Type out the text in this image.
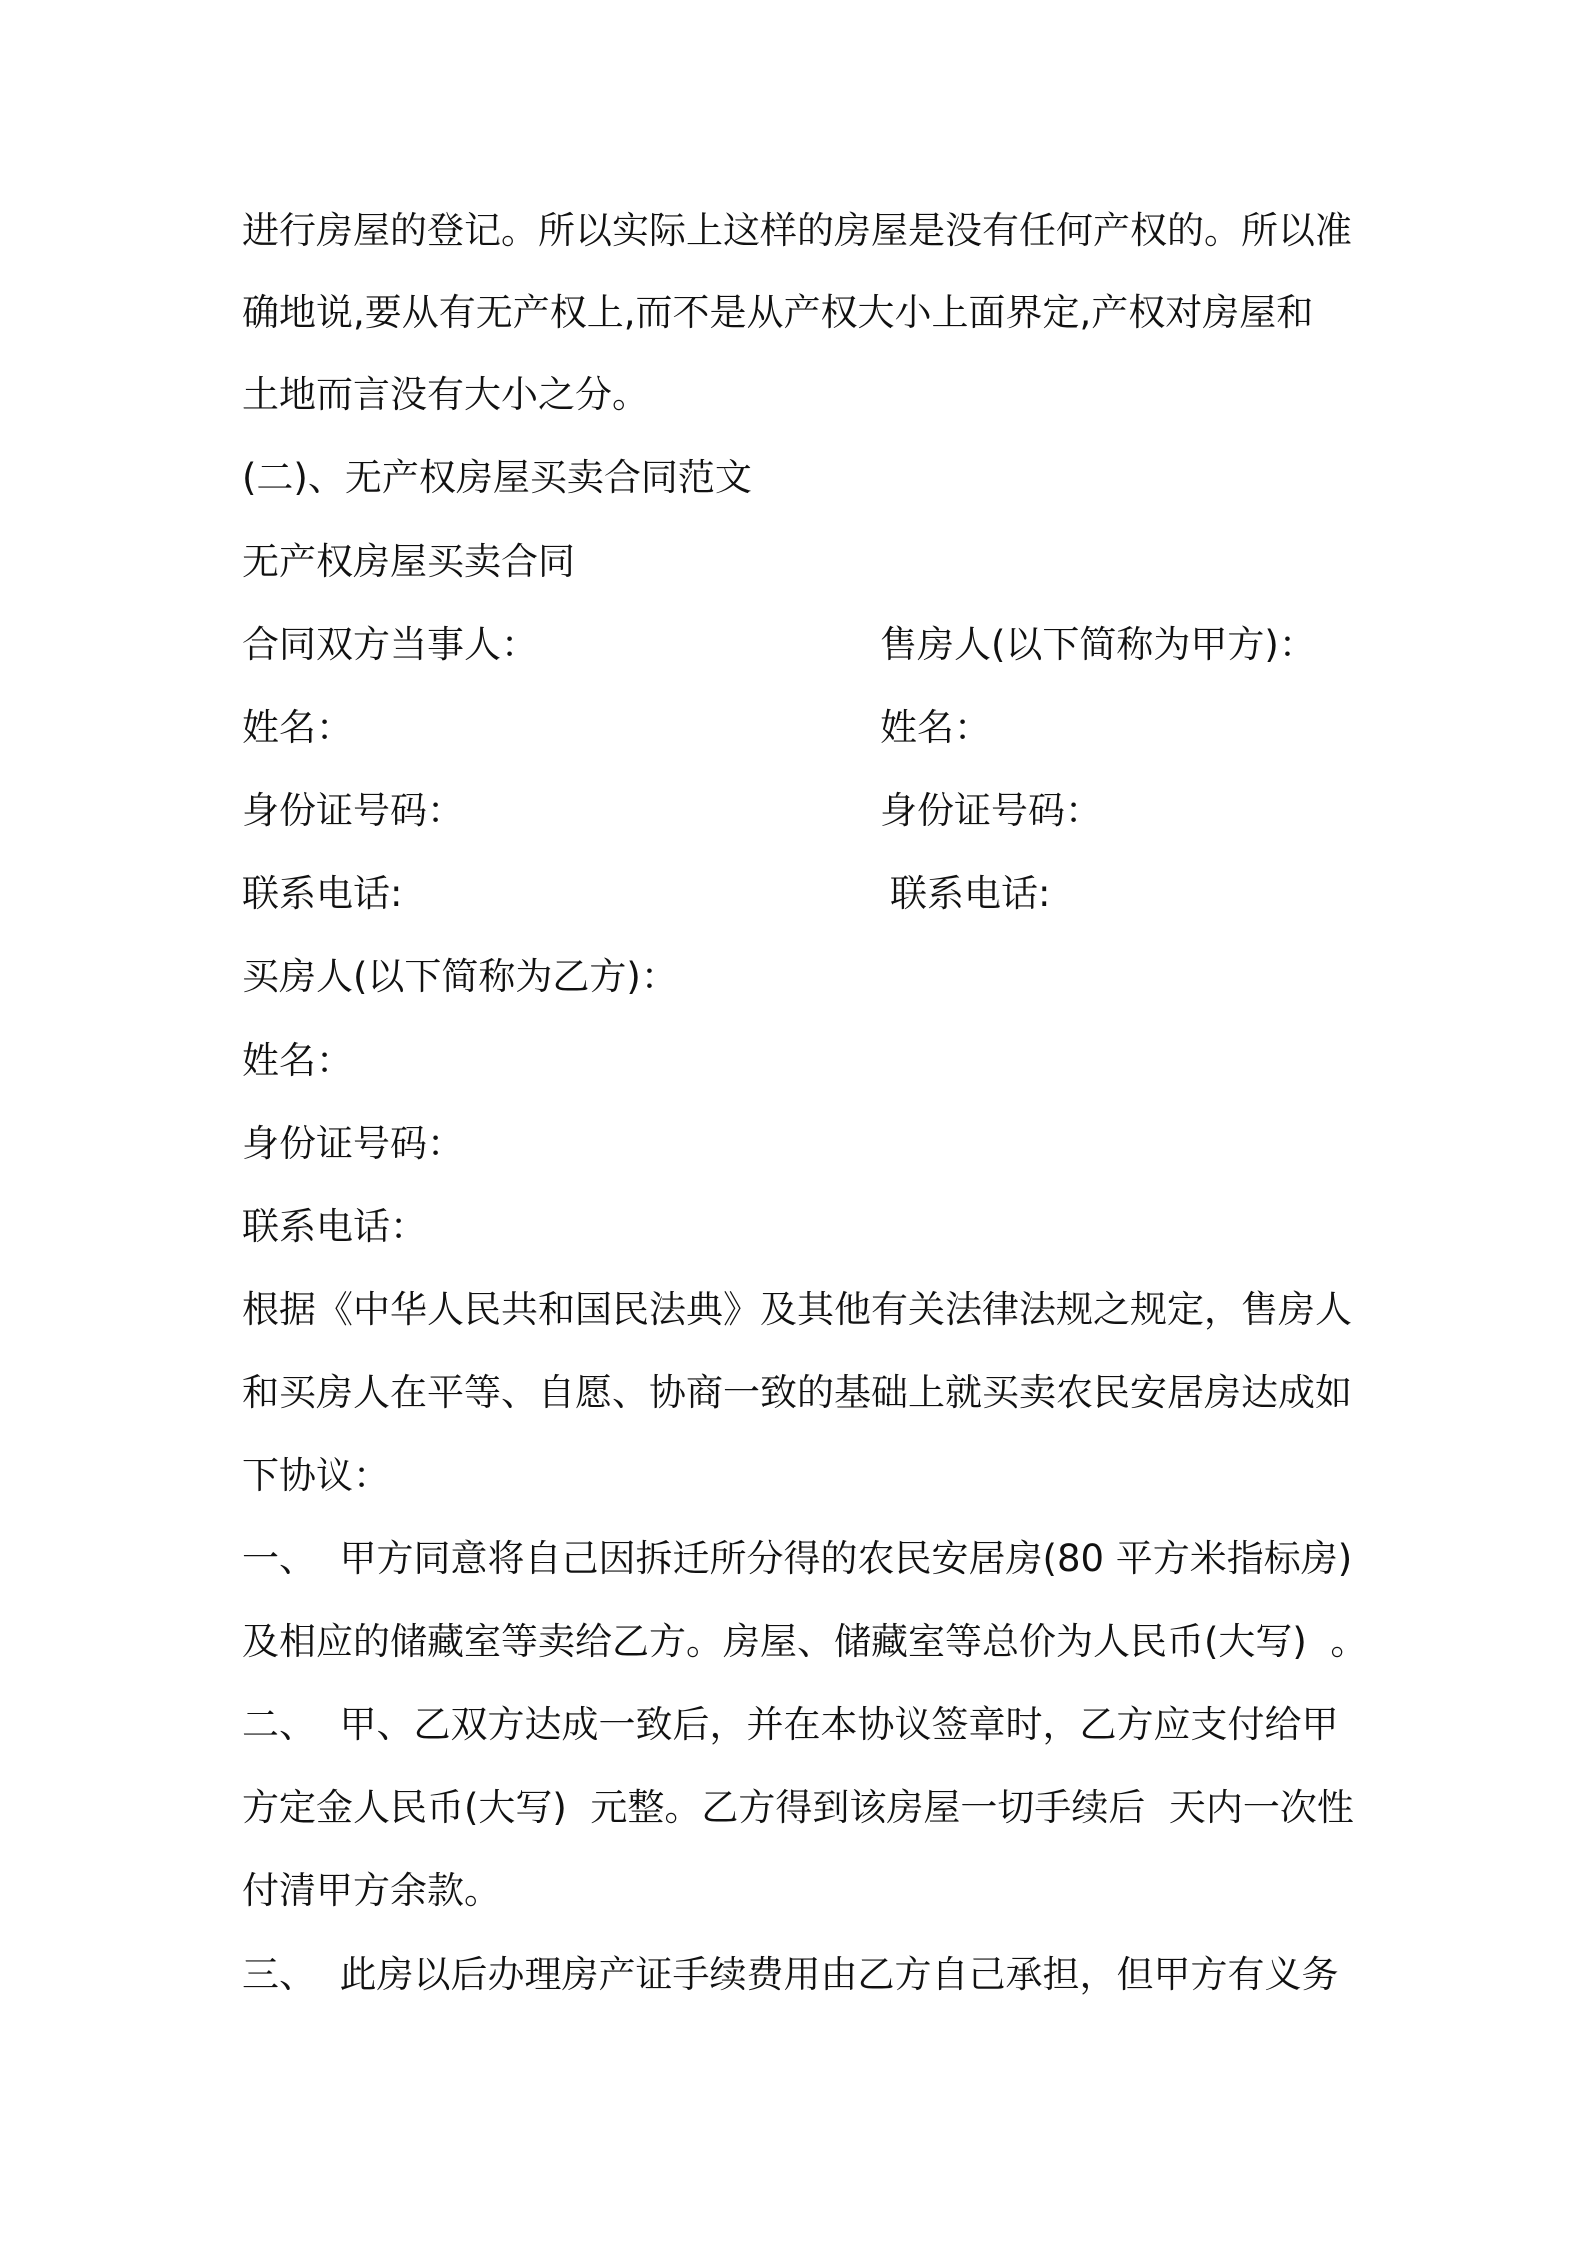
进行房屋的登记。所以实际上这样的房屋是没有任何产权的。所以准
确地说,要从有无产权上,而不是从产权大小上面界定,产权对房屋和
土地而言没有大小之分。
(二)、无产权房屋买卖合同范文
无产权房屋买卖合同
合同双方当事人：	售房人(以下简称为甲方)：
姓名：	姓名：
身份证号码：	身份证号码：
联系电话:	联系电话:
买房人(以下简称为乙方)：
姓名：
身份证号码：
联系电话：
根据《中华人民共和国民法典》及其他有关法律法规之规定，售房人
和买房人在平等、自愿、协商一致的基础上就买卖农民安居房达成如
下协议：
一、  甲方同意将自己因拆迁所分得的农民安居房(80 平方米指标房)
及相应的储藏室等卖给乙方。房屋、储藏室等总价为人民币(大写)  。
二、  甲、乙双方达成一致后，并在本协议签章时，乙方应支付给甲
方定金人民币(大写)  元整。乙方得到该房屋一切手续后  天内一次性
付清甲方余款。
三、  此房以后办理房产证手续费用由乙方自己承担，但甲方有义务
